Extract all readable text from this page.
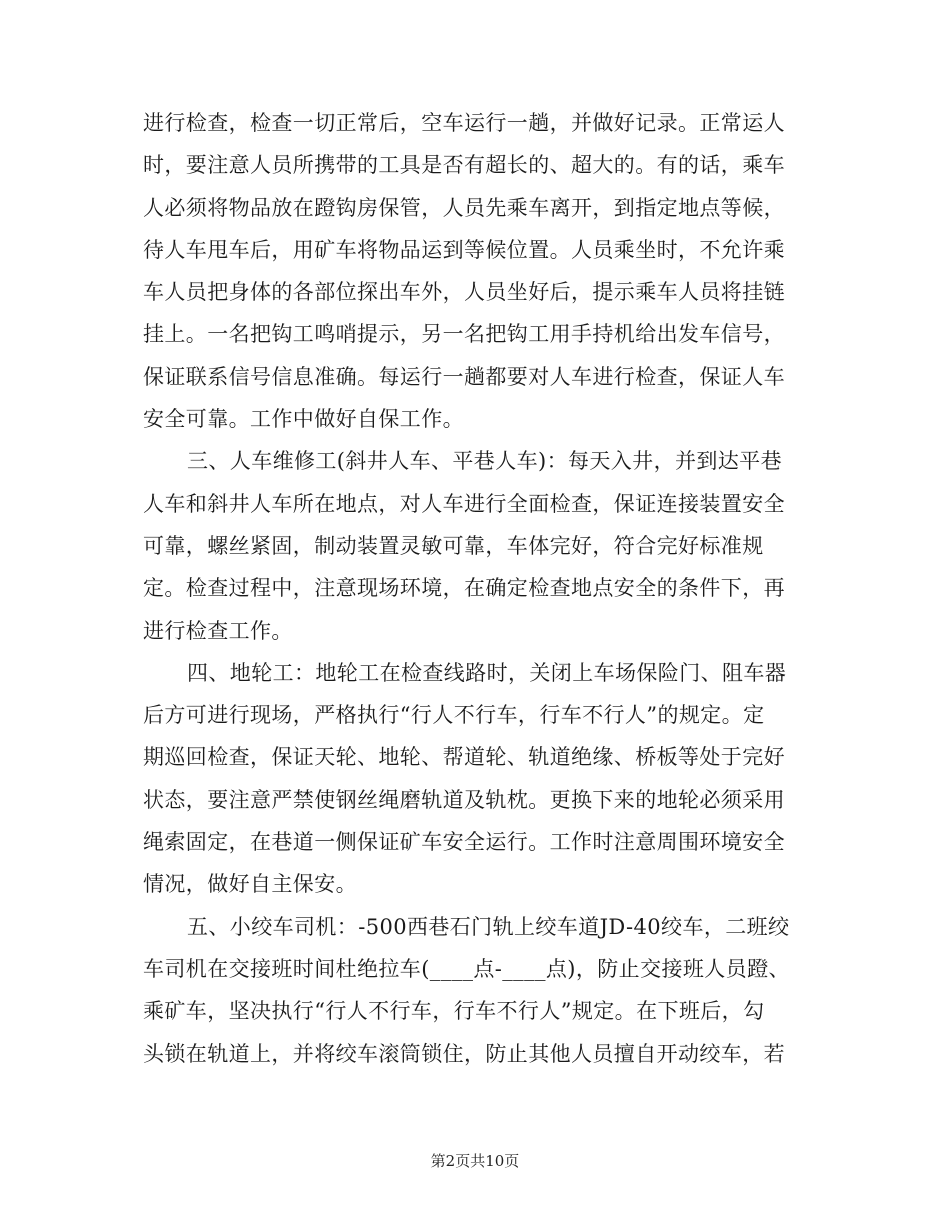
进行检查，检查一切正常后，空车运行一趟，并做好记录。正常运人
时，要注意人员所携带的工具是否有超长的、超大的。有的话，乘车
人必须将物品放在蹬钩房保管，人员先乘车离开，到指定地点等候，
待人车甩车后，用矿车将物品运到等候位置。人员乘坐时，不允许乘
车人员把身体的各部位探出车外，人员坐好后，提示乘车人员将挂链
挂上。一名把钩工鸣哨提示，另一名把钩工用手持机给出发车信号，
保证联系信号信息准确。每运行一趟都要对人车进行检查，保证人车
安全可靠。工作中做好自保工作。
三、人车维修工(斜井人车、平巷人车)：每天入井，并到达平巷
人车和斜井人车所在地点，对人车进行全面检查，保证连接装置安全
可靠，螺丝紧固，制动装置灵敏可靠，车体完好，符合完好标准规
定。检查过程中，注意现场环境，在确定检查地点安全的条件下，再
进行检查工作。
四、地轮工：地轮工在检查线路时，关闭上车场保险门、阻车器
后方可进行现场，严格执行“行人不行车，行车不行人”的规定。定
期巡回检查，保证天轮、地轮、帮道轮、轨道绝缘、桥板等处于完好
状态，要注意严禁使钢丝绳磨轨道及轨枕。更换下来的地轮必须采用
绳索固定，在巷道一侧保证矿车安全运行。工作时注意周围环境安全
情况，做好自主保安。
五、小绞车司机：-500西巷石门轨上绞车道JD-40绞车，二班绞
车司机在交接班时间杜绝拉车(____点-____点)，防止交接班人员蹬、
乘矿车，坚决执行“行人不行车，行车不行人”规定。在下班后，勾
头锁在轨道上，并将绞车滚筒锁住，防止其他人员擅自开动绞车，若
第2页共10页
